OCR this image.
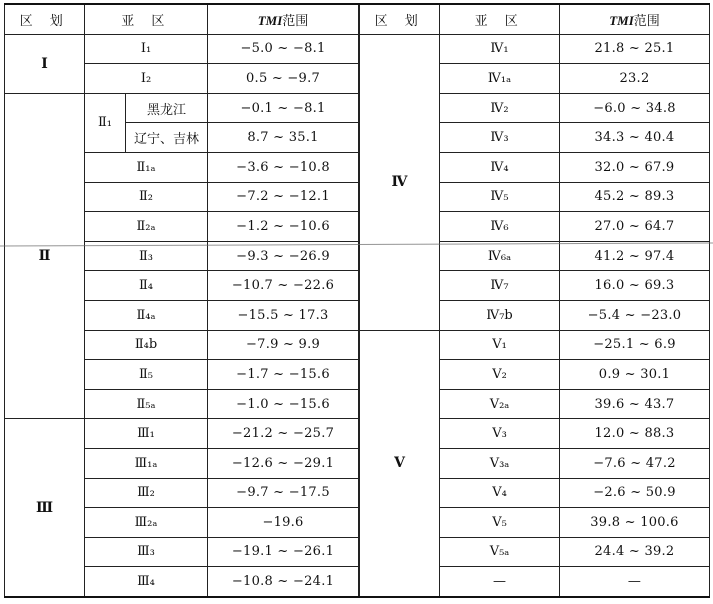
区 划	亚 区		TMI范围
Ⅰ	Ⅰ₁		−5.0 ~ −8.1
	Ⅰ₂		0.5 ~ −9.7
Ⅱ	Ⅱ₁	黑龙江	−0.1 ~ −8.1
		辽宁、吉林	8.7 ~ 35.1
	Ⅱ₁ₐ		−3.6 ~ −10.8
	Ⅱ₂		−7.2 ~ −12.1
	Ⅱ₂ₐ		−1.2 ~ −10.6
	Ⅱ₃		−9.3 ~ −26.9
	Ⅱ₄		−10.7 ~ −22.6
	Ⅱ₄ₐ		−15.5 ~ 17.3
	Ⅱ₄b		−7.9 ~ 9.9
	Ⅱ₅		−1.7 ~ −15.6
	Ⅱ₅ₐ		−1.0 ~ −15.6
Ⅲ	Ⅲ₁		−21.2 ~ −25.7
	Ⅲ₁ₐ		−12.6 ~ −29.1
	Ⅲ₂		−9.7 ~ −17.5
	Ⅲ₂ₐ		−19.6
	Ⅲ₃		−19.1 ~ −26.1
	Ⅲ₄		−10.8 ~ −24.1
区 划	亚 区	TMI范围
Ⅳ	Ⅳ₁	21.8 ~ 25.1
	Ⅳ₁ₐ	23.2
	Ⅳ₂	−6.0 ~ 34.8
	Ⅳ₃	34.3 ~ 40.4
	Ⅳ₄	32.0 ~ 67.9
	Ⅳ₅	45.2 ~ 89.3
	Ⅳ₆	27.0 ~ 64.7
	Ⅳ₆ₐ	41.2 ~ 97.4
	Ⅳ₇	16.0 ~ 69.3
	Ⅳ₇b	−5.4 ~ −23.0
Ⅴ	Ⅴ₁	−25.1 ~ 6.9
	Ⅴ₂	0.9 ~ 30.1
	Ⅴ₂ₐ	39.6 ~ 43.7
	Ⅴ₃	12.0 ~ 88.3
	Ⅴ₃ₐ	−7.6 ~ 47.2
	Ⅴ₄	−2.6 ~ 50.9
	Ⅴ₅	39.8 ~ 100.6
	Ⅴ₅ₐ	24.4 ~ 39.2
	—	—
